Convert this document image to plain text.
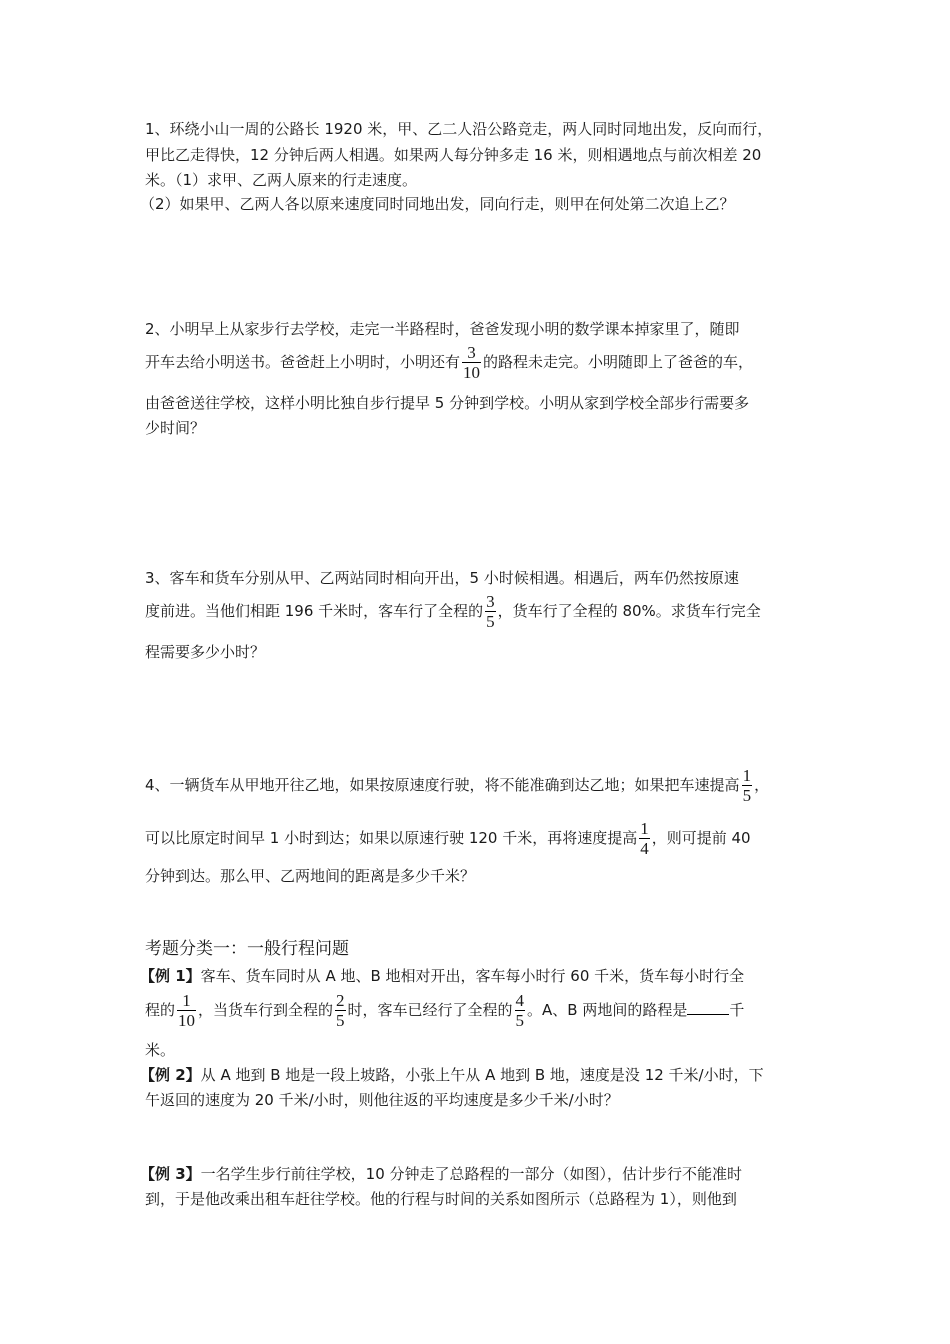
1、环绕小山一周的公路长 1920 米，甲、乙二人沿公路竞走，两人同时同地出发，反向而行，
甲比乙走得快，12 分钟后两人相遇。如果两人每分钟多走 16 米，则相遇地点与前次相差 20
米。（1）求甲、乙两人原来的行走速度。
（2）如果甲、乙两人各以原来速度同时同地出发，同向行走，则甲在何处第二次追上乙？
2、小明早上从家步行去学校，走完一半路程时，爸爸发现小明的数学课本掉家里了，随即
开车去给小明送书。爸爸赶上小明时，小明还有 $\frac{3}{10}$ 的路程未走完。小明随即上了爸爸的车，
由爸爸送往学校，这样小明比独自步行提早 5 分钟到学校。小明从家到学校全部步行需要多
少时间？
3、客车和货车分别从甲、乙两站同时相向开出，5 小时候相遇。相遇后，两车仍然按原速
度前进。当他们相距 196 千米时，客车行了全程的 $\frac{3}{5}$ ，货车行了全程的 80%。求货车行完全
程需要多少小时？
4、一辆货车从甲地开往乙地，如果按原速度行驶，将不能准确到达乙地；如果把车速提高 $\frac{1}{5}$ ，
可以比原定时间早 1 小时到达；如果以原速行驶 120 千米，再将速度提高 $\frac{1}{4}$ ，则可提前 40
分钟到达。那么甲、乙两地间的距离是多少千米？
考题分类一：一般行程问题
【例 1】客车、货车同时从 A 地、B 地相对开出，客车每小时行 60 千米，货车每小时行全
程的 $\frac{1}{10}$ ，当货车行到全程的 $\frac{2}{5}$ 时，客车已经行了全程的 $\frac{4}{5}$ 。A、B 两地间的路程是	千
米。
【例 2】从 A 地到 B 地是一段上坡路，小张上午从 A 地到 B 地，速度是没 12 千米/小时，下
午返回的速度为 20 千米/小时，则他往返的平均速度是多少千米/小时？
【例 3】一名学生步行前往学校，10 分钟走了总路程的一部分（如图），估计步行不能准时
到，于是他改乘出租车赶往学校。他的行程与时间的关系如图所示（总路程为 1），则他到
